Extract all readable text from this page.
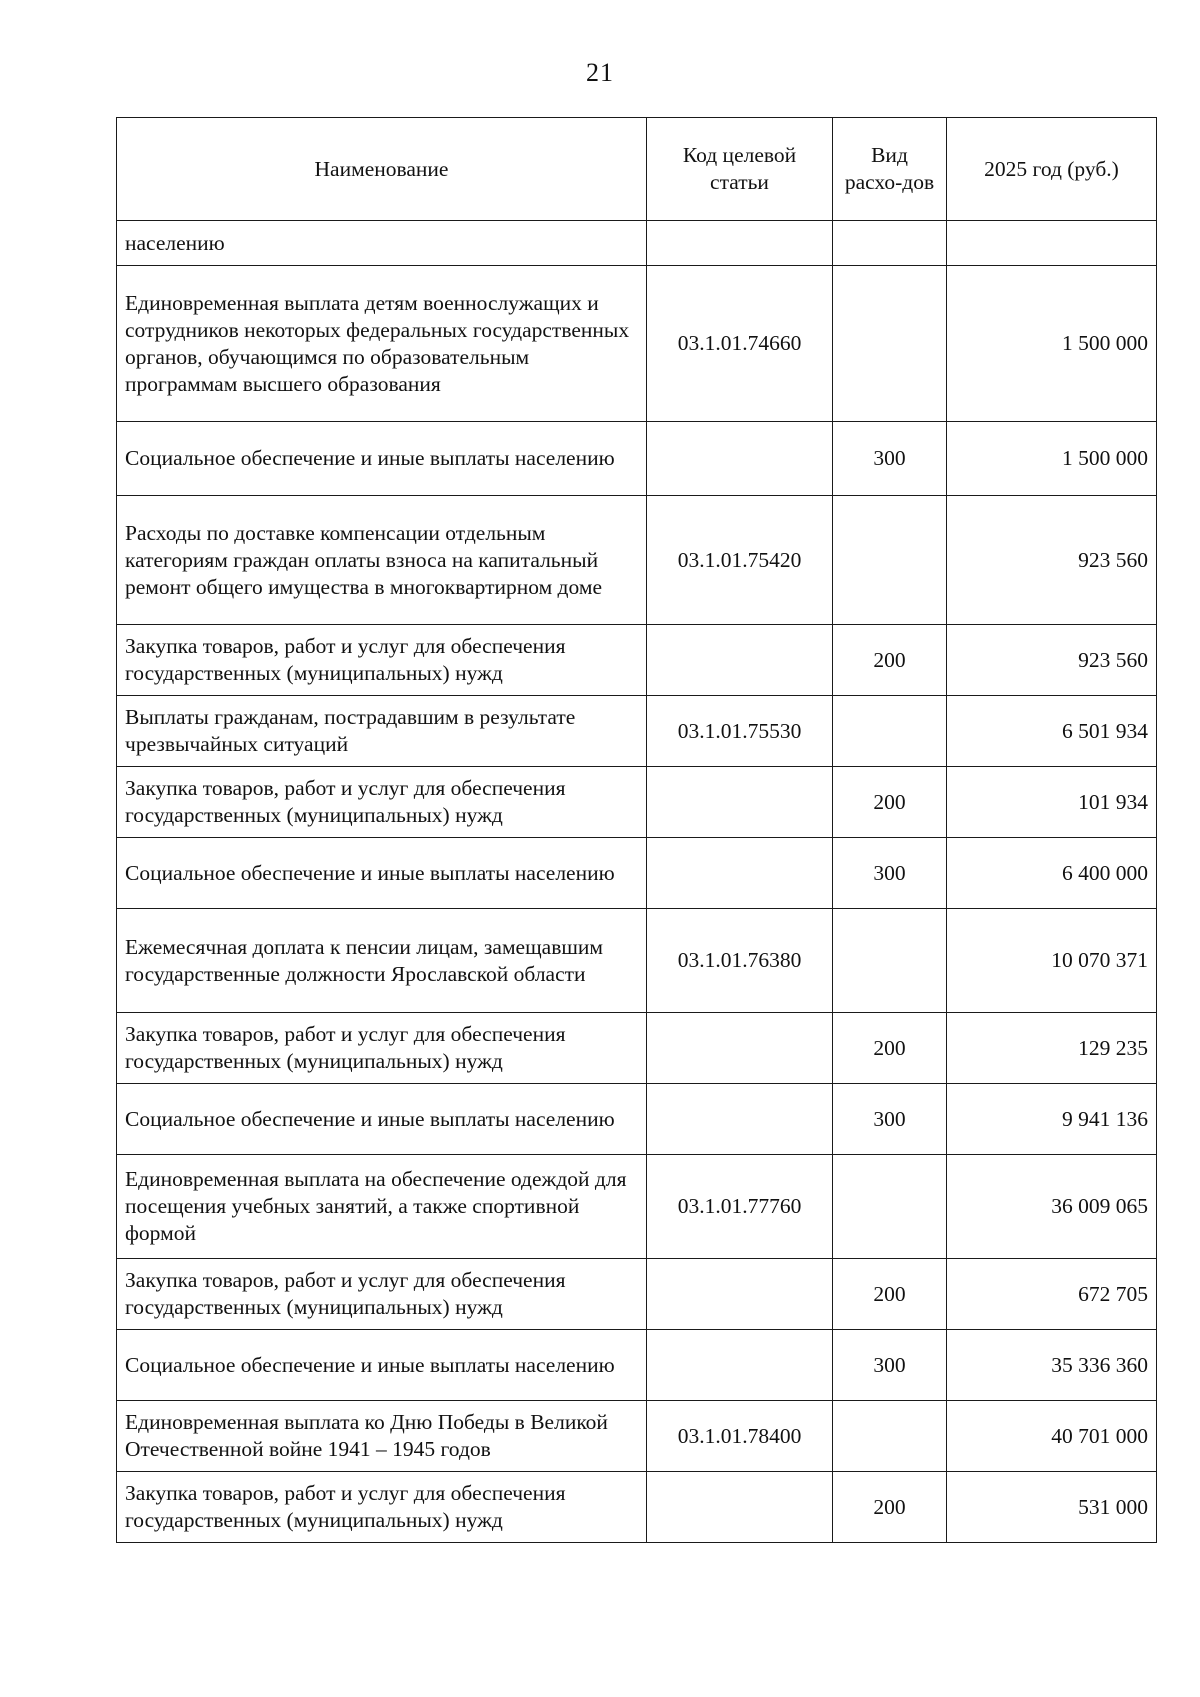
21
Наименование	Код целевой статьи	Вид расхо-дов	2025 год (руб.)
населению			
Единовременная выплата детям военнослужащих и сотрудников некоторых федеральных государственных органов, обучающимся по образовательным программам высшего образования	03.1.01.74660		1 500 000
Социальное обеспечение и иные выплаты населению		300	1 500 000
Расходы по доставке компенсации отдельным категориям граждан оплаты взноса на капитальный ремонт общего имущества в многоквартирном доме	03.1.01.75420		923 560
Закупка товаров, работ и услуг для обеспечения государственных (муниципальных) нужд		200	923 560
Выплаты гражданам, пострадавшим в результате чрезвычайных ситуаций	03.1.01.75530		6 501 934
Закупка товаров, работ и услуг для обеспечения государственных (муниципальных) нужд		200	101 934
Социальное обеспечение и иные выплаты населению		300	6 400 000
Ежемесячная доплата к пенсии лицам, замещавшим государственные должности Ярославской области	03.1.01.76380		10 070 371
Закупка товаров, работ и услуг для обеспечения государственных (муниципальных) нужд		200	129 235
Социальное обеспечение и иные выплаты населению		300	9 941 136
Единовременная выплата на обеспечение одеждой для посещения учебных занятий, а также спортивной формой	03.1.01.77760		36 009 065
Закупка товаров, работ и услуг для обеспечения государственных (муниципальных) нужд		200	672 705
Социальное обеспечение и иные выплаты населению		300	35 336 360
Единовременная выплата ко Дню Победы в Великой Отечественной войне 1941 – 1945 годов	03.1.01.78400		40 701 000
Закупка товаров, работ и услуг для обеспечения государственных (муниципальных) нужд		200	531 000
